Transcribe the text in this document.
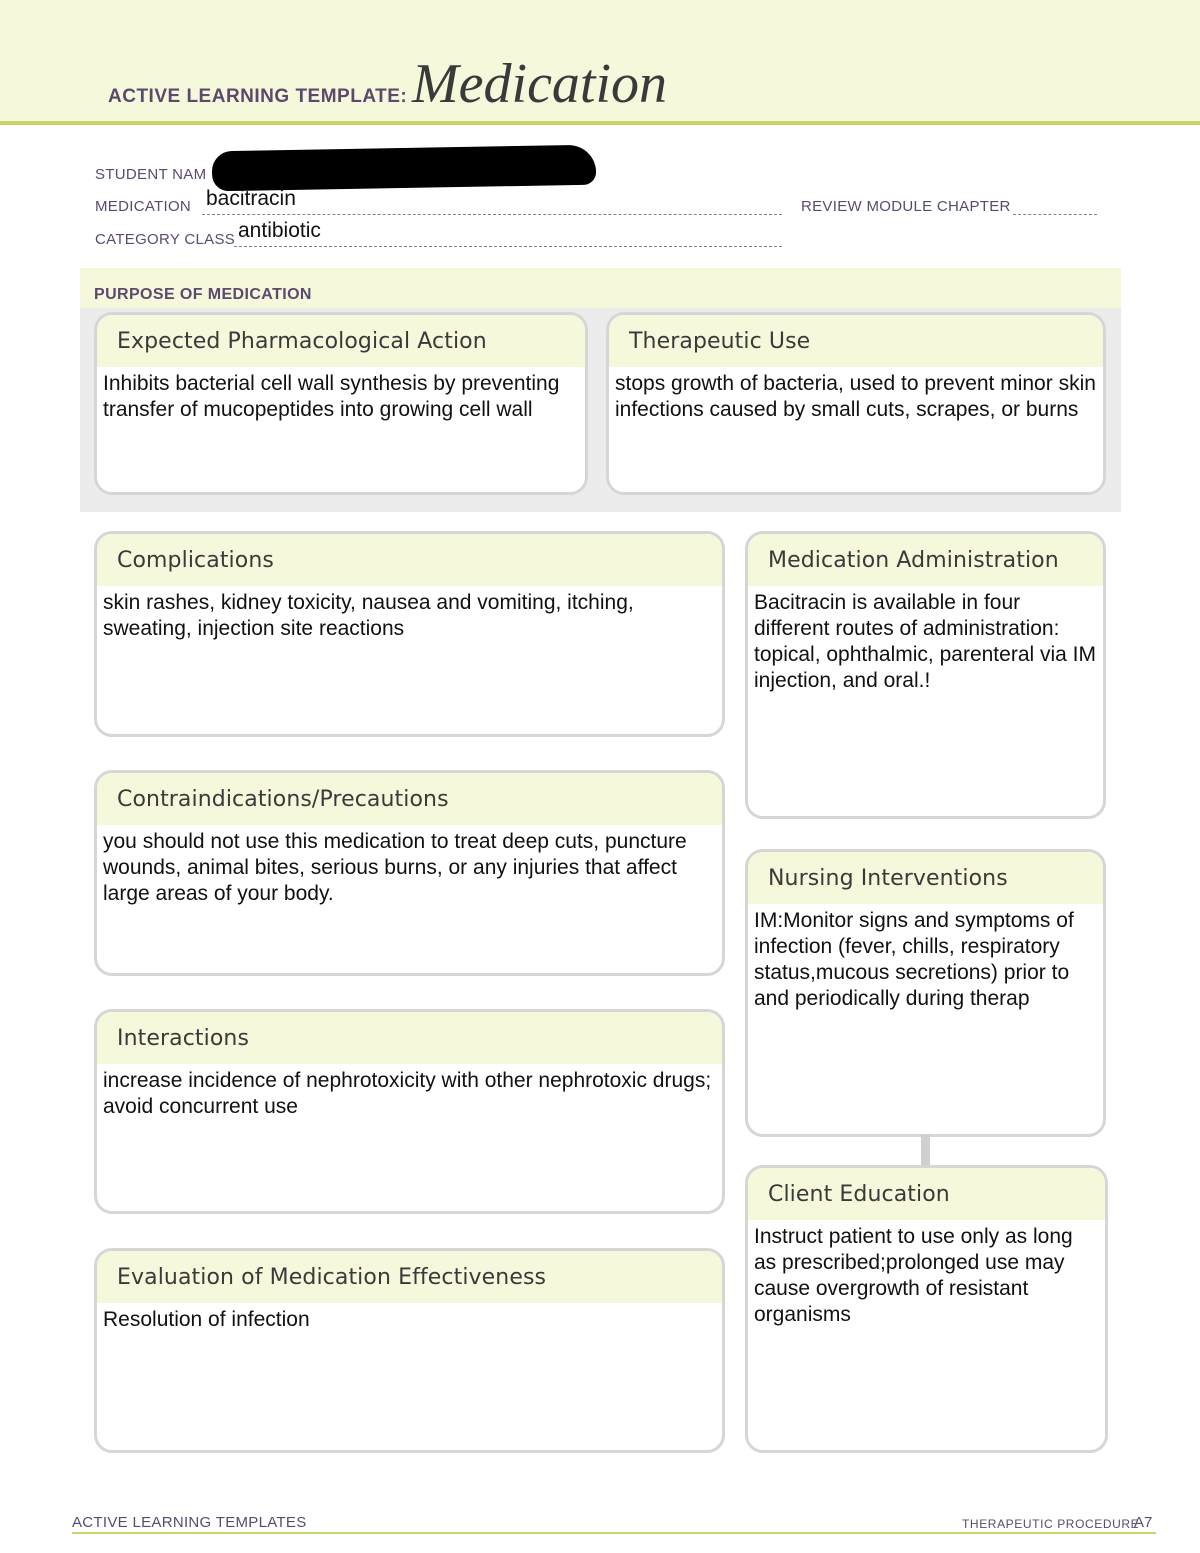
ACTIVE LEARNING TEMPLATE: Medication
STUDENT NAM
MEDICATION bacitracin	REVIEW MODULE CHAPTER
CATEGORY CLASS antibiotic
PURPOSE OF MEDICATION
Expected Pharmacological Action
Inhibits bacterial cell wall synthesis by preventing transfer of mucopeptides into growing cell wall
Therapeutic Use
stops growth of bacteria, used to prevent minor skin infections caused by small cuts, scrapes, or burns
Complications
skin rashes, kidney toxicity, nausea and vomiting, itching, sweating, injection site reactions
Contraindications/Precautions
you should not use this medication to treat deep cuts, puncture wounds, animal bites, serious burns, or any injuries that affect large areas of your body.
Interactions
increase incidence of nephrotoxicity with other nephrotoxic drugs; avoid concurrent use
Evaluation of Medication Effectiveness
Resolution of infection
Medication Administration
Bacitracin is available in four different routes of administration: topical, ophthalmic, parenteral via IM injection, and oral.!
Nursing Interventions
IM:Monitor signs and symptoms of infection (fever, chills, respiratory status,mucous secretions) prior to and periodically during therap
Client Education
Instruct patient to use only as long as prescribed;prolonged use may cause overgrowth of resistant organisms
ACTIVE LEARNING TEMPLATES	THERAPEUTIC PROCEDURE
A7
